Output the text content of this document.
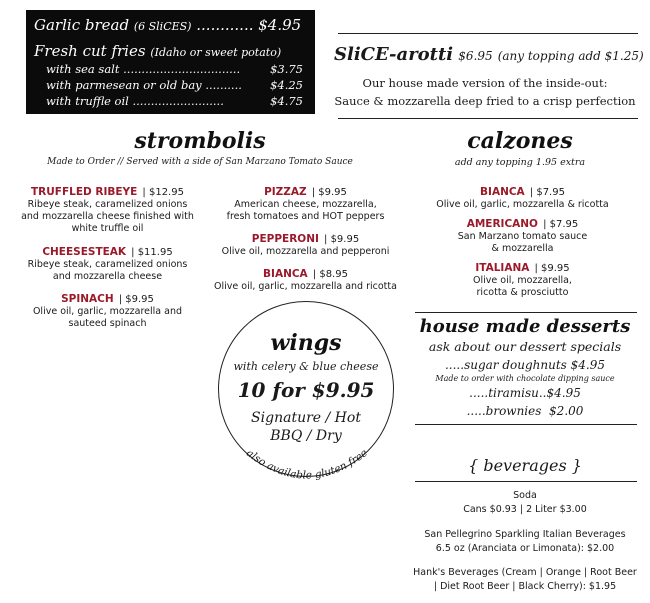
Garlic bread (6 SliCES) ............ $4.95
Fresh cut fries (Idaho or sweet potato)
with sea salt ................................	$3.75
with parmesean or old bay .......... $4.25
with truffle oil .........................	$4.75
SliCE-arotti $6.95 (any topping add $1.25)
Our house made version of the inside-out:
Sauce & mozzarella deep fried to a crisp perfection
strombolis
Made to Order // Served with a side of San Marzano Tomato Sauce
TRUFFLED RIBEYE | $12.95
Ribeye steak, caramelized onions
and mozzarella cheese finished with
white truffle oil
CHEESESTEAK | $11.95
Ribeye steak, caramelized onions
and mozzarella cheese
SPINACH | $9.95
Olive oil, garlic, mozzarella and
sauteed spinach
PIZZAZ | $9.95
American cheese, mozzarella,
fresh tomatoes and HOT peppers
PEPPERONI | $9.95
Olive oil, mozzarella and pepperoni
BIANCA | $8.95
Olive oil, garlic, mozzarella and ricotta
calzones
add any topping 1.95 extra
BIANCA | $7.95
Olive oil, garlic, mozzarella & ricotta
AMERICANO | $7.95
San Marzano tomato sauce
& mozzarella
ITALIANA | $9.95
Olive oil, mozzarella,
ricotta & prosciutto
wings
with celery & blue cheese
10 for $9.95
Signature / Hot
BBQ / Dry
also available gluten free
house made desserts
ask about our dessert specials
.....sugar doughnuts $4.95
Made to order with chocolate dipping sauce
.....tiramisu..$4.95
.....brownies $2.00
{ beverages }
Soda
Cans $0.93 | 2 Liter $3.00
San Pellegrino Sparkling Italian Beverages
6.5 oz (Aranciata or Limonata): $2.00
Hank's Beverages (Cream | Orange | Root Beer
| Diet Root Beer | Black Cherry): $1.95
